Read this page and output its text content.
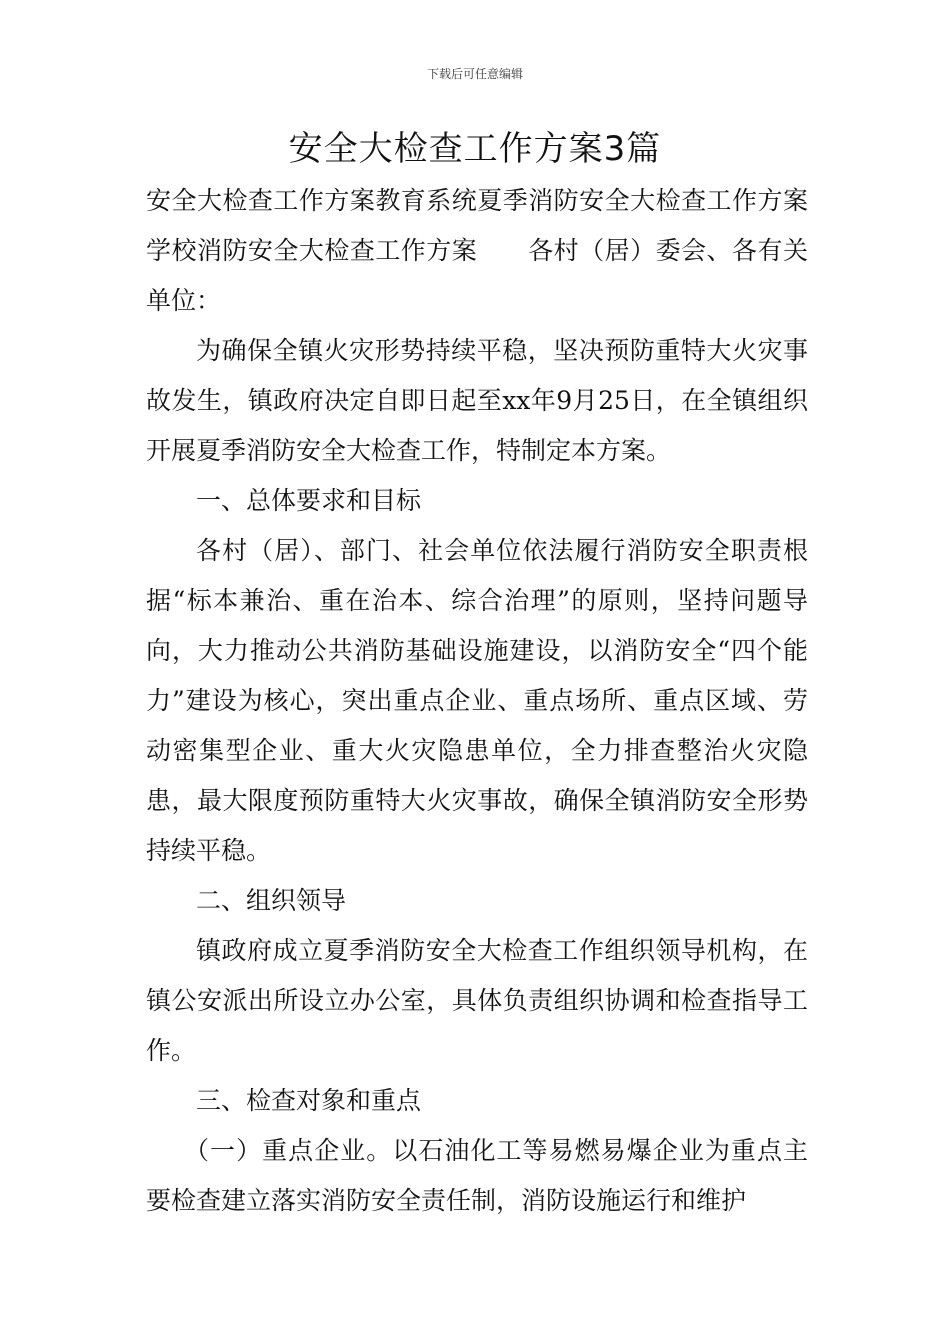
下载后可任意编辑
安全大检查工作方案3篇

安全大检查工作方案教育系统夏季消防安全大检查工作方案学校消防安全大检查工作方案　　各村（居）委会、各有关单位：

为确保全镇火灾形势持续平稳，坚决预防重特大火灾事故发生，镇政府决定自即日起至xx年9月25日，在全镇组织开展夏季消防安全大检查工作，特制定本方案。

一、总体要求和目标

各村（居）、部门、社会单位依法履行消防安全职责根据“标本兼治、重在治本、综合治理”的原则，坚持问题导向，大力推动公共消防基础设施建设，以消防安全“四个能力”建设为核心，突出重点企业、重点场所、重点区域、劳动密集型企业、重大火灾隐患单位，全力排查整治火灾隐患，最大限度预防重特大火灾事故，确保全镇消防安全形势持续平稳。

二、组织领导

镇政府成立夏季消防安全大检查工作组织领导机构，在镇公安派出所设立办公室，具体负责组织协调和检查指导工作。

三、检查对象和重点

（一）重点企业。以石油化工等易燃易爆企业为重点主要检查建立落实消防安全责任制，消防设施运行和维护
